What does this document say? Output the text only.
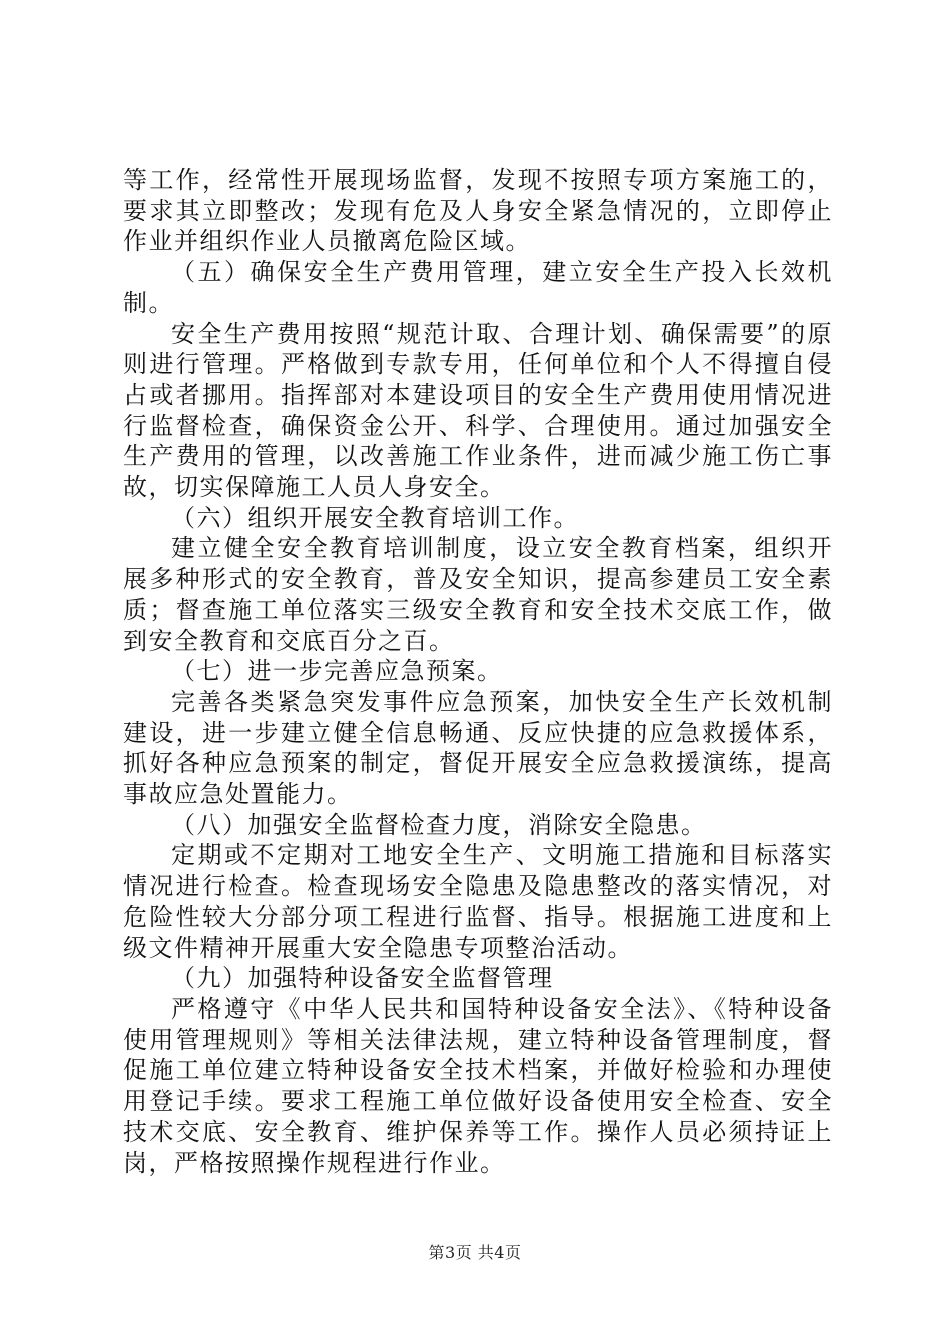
等工作，经常性开展现场监督，发现不按照专项方案施工的，要求其立即整改；发现有危及人身安全紧急情况的，立即停止作业并组织作业人员撤离危险区域。

（五）确保安全生产费用管理，建立安全生产投入长效机制。

安全生产费用按照“规范计取、合理计划、确保需要”的原则进行管理。严格做到专款专用，任何单位和个人不得擅自侵占或者挪用。指挥部对本建设项目的安全生产费用使用情况进行监督检查，确保资金公开、科学、合理使用。通过加强安全生产费用的管理，以改善施工作业条件，进而减少施工伤亡事故，切实保障施工人员人身安全。

（六）组织开展安全教育培训工作。

建立健全安全教育培训制度，设立安全教育档案，组织开展多种形式的安全教育，普及安全知识，提高参建员工安全素质；督查施工单位落实三级安全教育和安全技术交底工作，做到安全教育和交底百分之百。

（七）进一步完善应急预案。

完善各类紧急突发事件应急预案，加快安全生产长效机制建设，进一步建立健全信息畅通、反应快捷的应急救援体系，抓好各种应急预案的制定，督促开展安全应急救援演练，提高事故应急处置能力。

（八）加强安全监督检查力度，消除安全隐患。

定期或不定期对工地安全生产、文明施工措施和目标落实情况进行检查。检查现场安全隐患及隐患整改的落实情况，对危险性较大分部分项工程进行监督、指导。根据施工进度和上级文件精神开展重大安全隐患专项整治活动。

（九）加强特种设备安全监督管理

严格遵守《中华人民共和国特种设备安全法》、《特种设备使用管理规则》等相关法律法规，建立特种设备管理制度，督促施工单位建立特种设备安全技术档案，并做好检验和办理使用登记手续。要求工程施工单位做好设备使用安全检查、安全技术交底、安全教育、维护保养等工作。操作人员必须持证上岗，严格按照操作规程进行作业。

第3页 共4页
